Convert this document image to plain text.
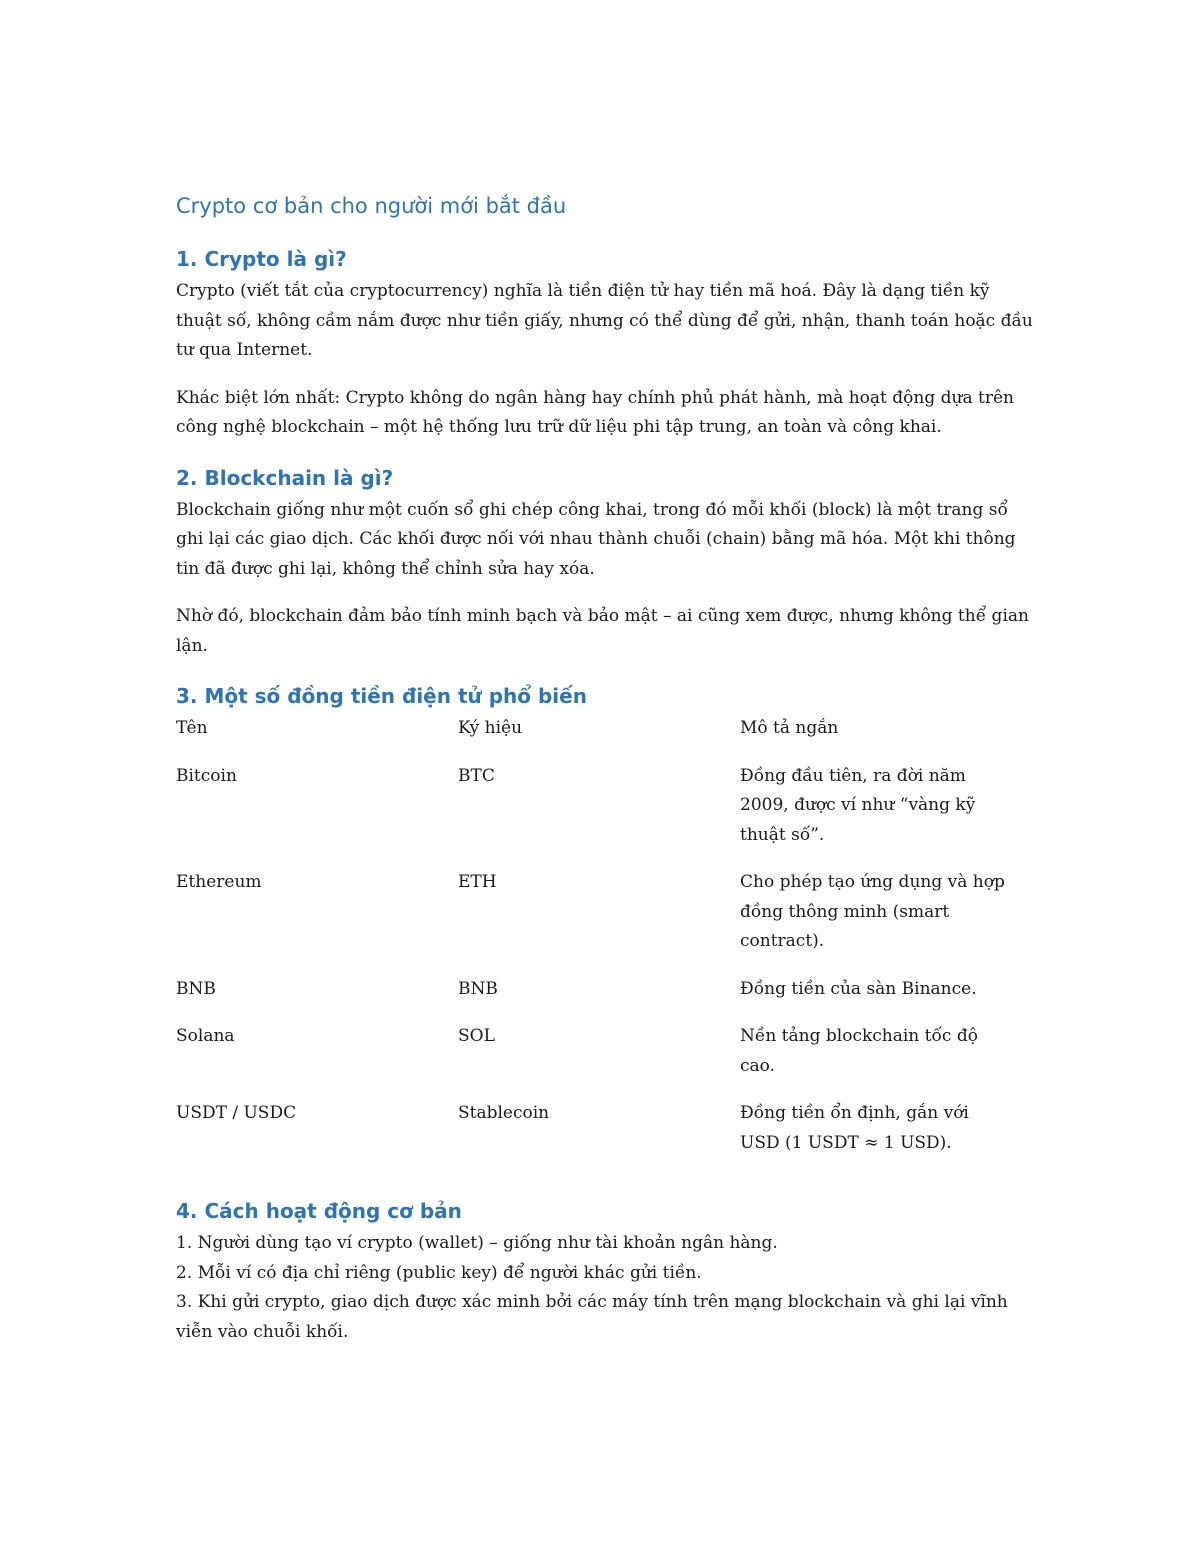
Crypto cơ bản cho người mới bắt đầu
1. Crypto là gì?

Crypto (viết tắt của cryptocurrency) nghĩa là tiền điện tử hay tiền mã hoá. Đây là dạng tiền kỹ thuật số, không cầm nắm được như tiền giấy, nhưng có thể dùng để gửi, nhận, thanh toán hoặc đầu tư qua Internet.

Khác biệt lớn nhất: Crypto không do ngân hàng hay chính phủ phát hành, mà hoạt động dựa trên công nghệ blockchain – một hệ thống lưu trữ dữ liệu phi tập trung, an toàn và công khai.

2. Blockchain là gì?

Blockchain giống như một cuốn sổ ghi chép công khai, trong đó mỗi khối (block) là một trang sổ ghi lại các giao dịch. Các khối được nối với nhau thành chuỗi (chain) bằng mã hóa. Một khi thông tin đã được ghi lại, không thể chỉnh sửa hay xóa.

Nhờ đó, blockchain đảm bảo tính minh bạch và bảo mật – ai cũng xem được, nhưng không thể gian lận.

3. Một số đồng tiền điện tử phổ biến
Tên	Ký hiệu	Mô tả ngắn
Bitcoin	BTC	Đồng đầu tiên, ra đời năm 2009, được ví như “vàng kỹ thuật số”.
Ethereum	ETH	Cho phép tạo ứng dụng và hợp đồng thông minh (smart contract).
BNB	BNB	Đồng tiền của sàn Binance.
Solana	SOL	Nền tảng blockchain tốc độ cao.
USDT / USDC	Stablecoin	Đồng tiền ổn định, gắn với USD (1 USDT ≈ 1 USD).
4. Cách hoạt động cơ bản

1. Người dùng tạo ví crypto (wallet) – giống như tài khoản ngân hàng.

2. Mỗi ví có địa chỉ riêng (public key) để người khác gửi tiền.

3. Khi gửi crypto, giao dịch được xác minh bởi các máy tính trên mạng blockchain và ghi lại vĩnh viễn vào chuỗi khối.
